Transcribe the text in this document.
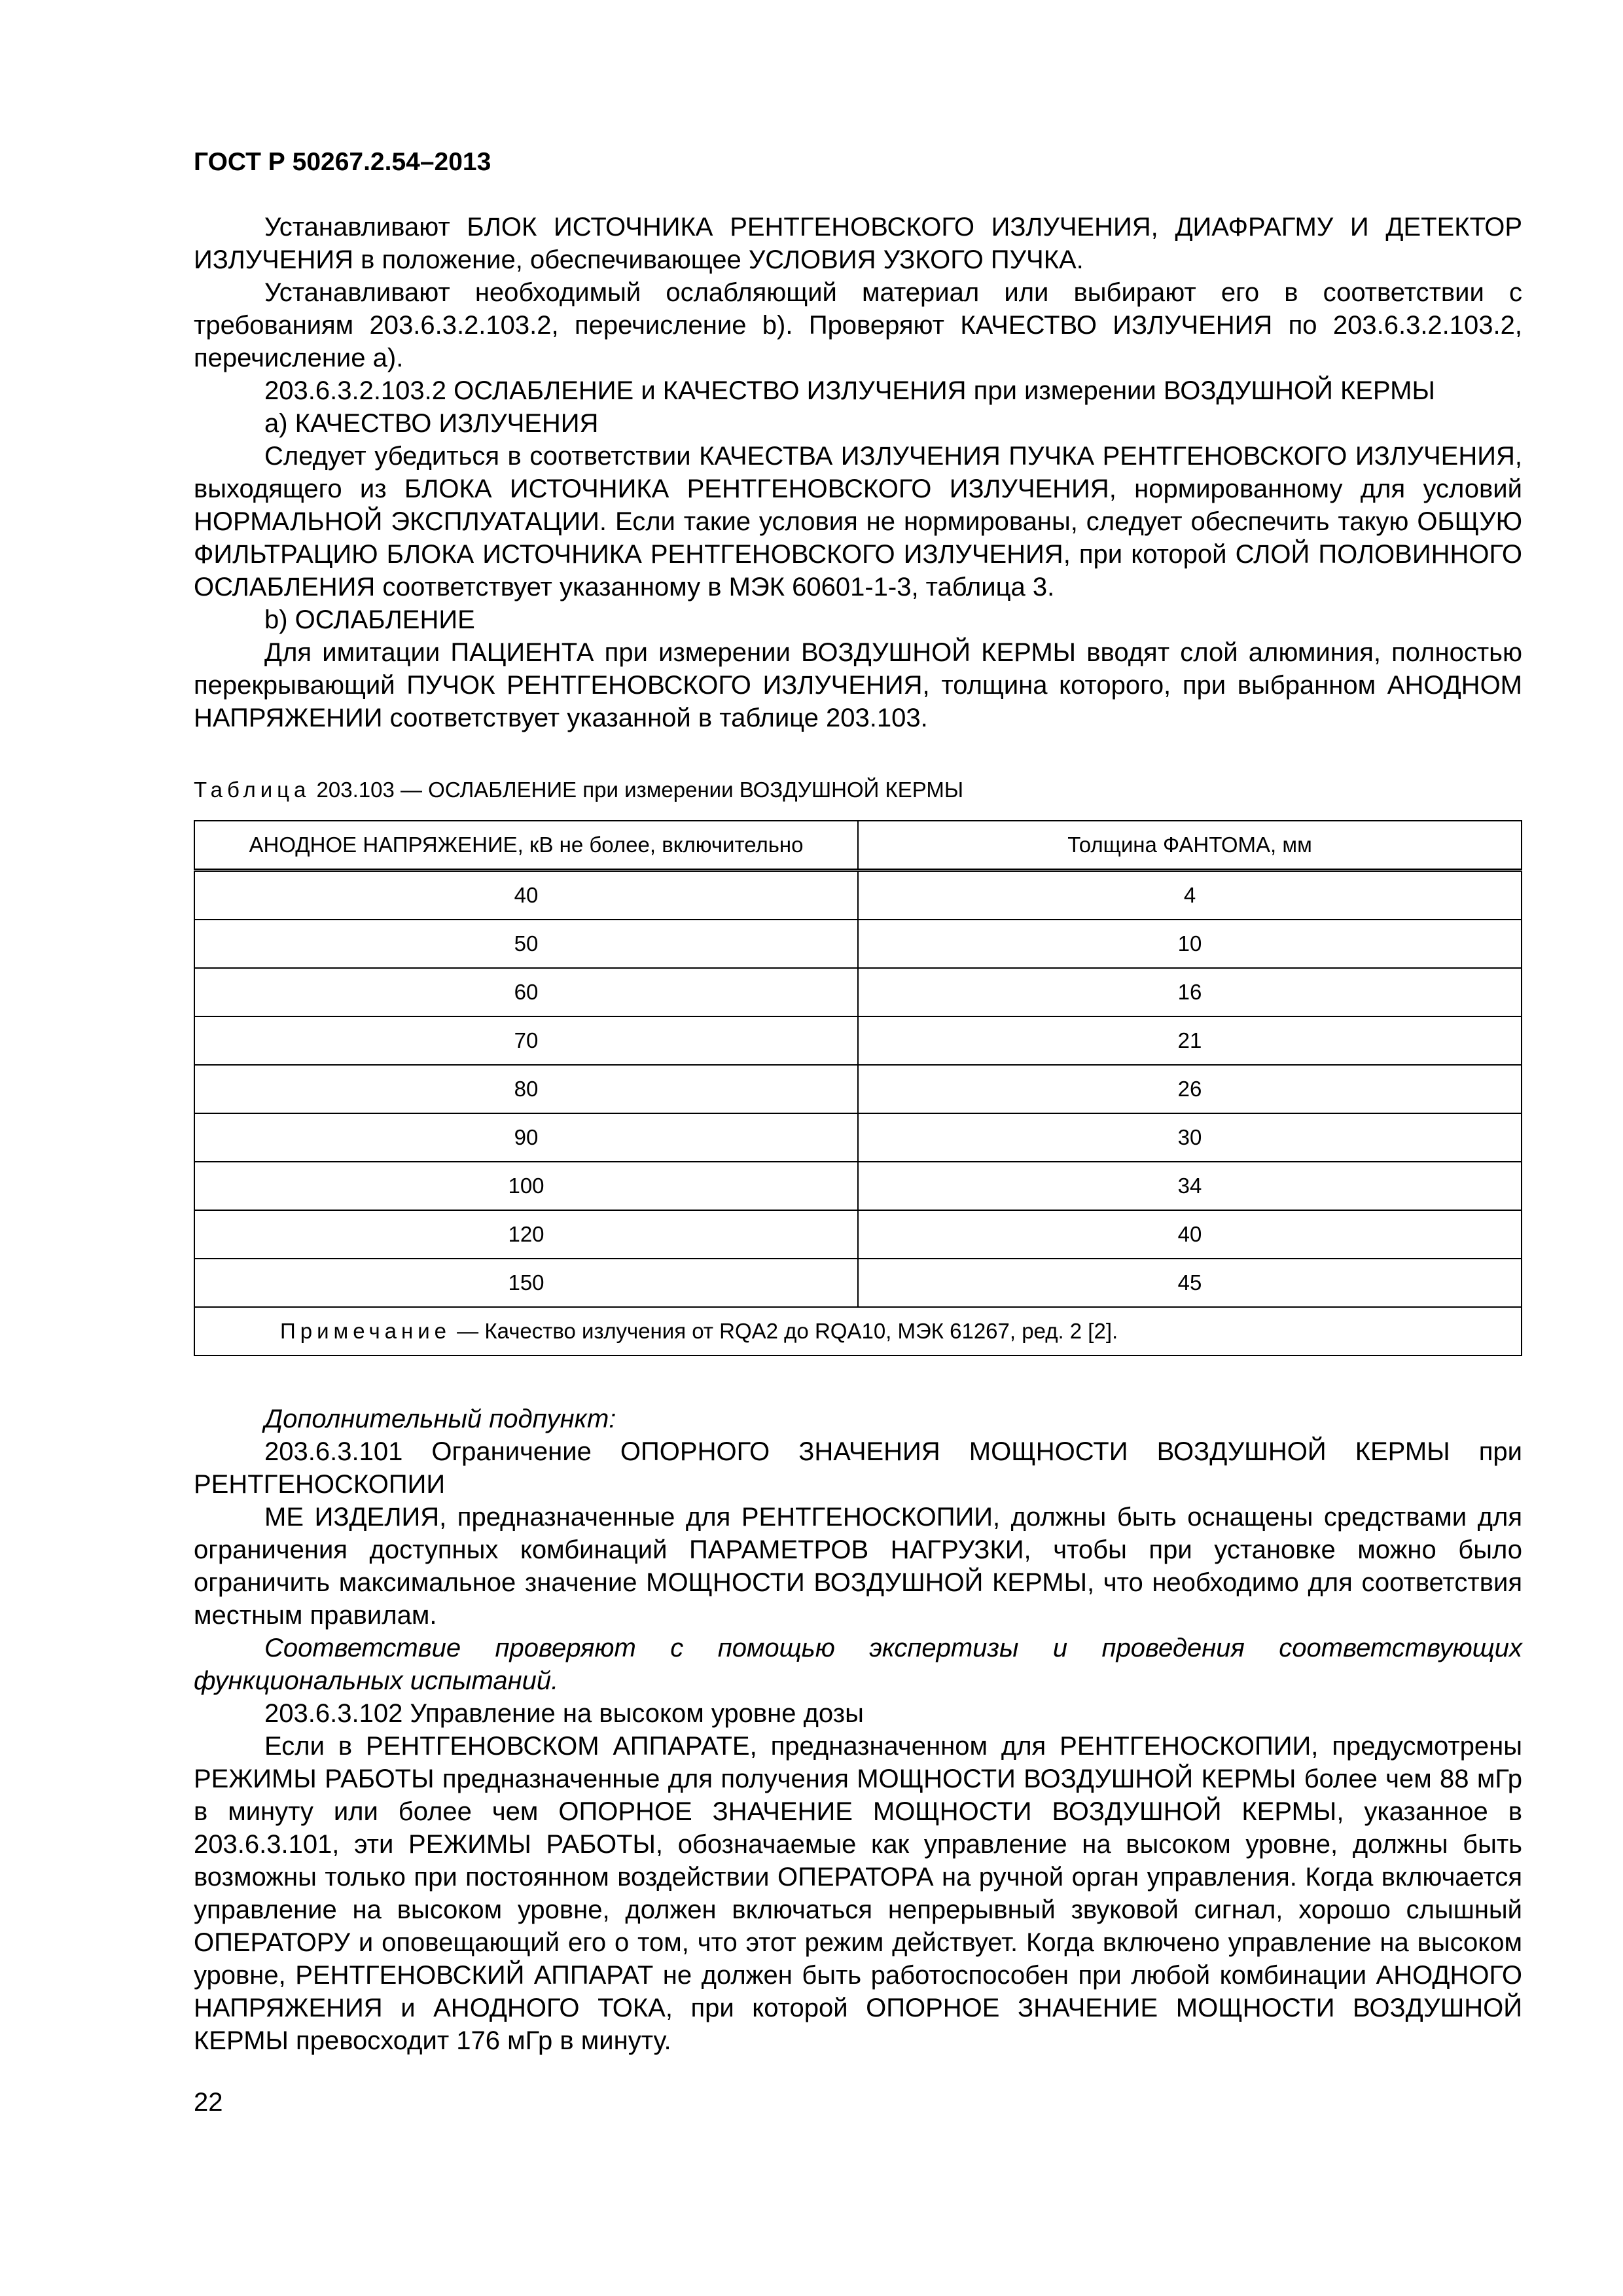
ГОСТ Р 50267.2.54–2013

Устанавливают БЛОК ИСТОЧНИКА РЕНТГЕНОВСКОГО ИЗЛУЧЕНИЯ, ДИАФРАГМУ И ДЕТЕКТОР ИЗЛУЧЕНИЯ в положение, обеспечивающее УСЛОВИЯ УЗКОГО ПУЧКА.

Устанавливают необходимый ослабляющий материал или выбирают его в соответствии с требованиям 203.6.3.2.103.2, перечисление b). Проверяют КАЧЕСТВО ИЗЛУЧЕНИЯ по 203.6.3.2.103.2, перечисление а).

203.6.3.2.103.2 ОСЛАБЛЕНИЕ и КАЧЕСТВО ИЗЛУЧЕНИЯ при измерении ВОЗДУШНОЙ КЕРМЫ

а) КАЧЕСТВО ИЗЛУЧЕНИЯ

Следует убедиться в соответствии КАЧЕСТВА ИЗЛУЧЕНИЯ ПУЧКА РЕНТГЕНОВСКОГО ИЗЛУЧЕНИЯ, выходящего из БЛОКА ИСТОЧНИКА РЕНТГЕНОВСКОГО ИЗЛУЧЕНИЯ, нормированному для условий НОРМАЛЬНОЙ ЭКСПЛУАТАЦИИ. Если такие условия не нормированы, следует обеспечить такую ОБЩУЮ ФИЛЬТРАЦИЮ БЛОКА ИСТОЧНИКА РЕНТГЕНОВСКОГО ИЗЛУЧЕНИЯ, при которой СЛОЙ ПОЛОВИННОГО ОСЛАБЛЕНИЯ соответствует указанному в МЭК 60601-1-3, таблица 3.

b) ОСЛАБЛЕНИЕ

Для имитации ПАЦИЕНТА при измерении ВОЗДУШНОЙ КЕРМЫ вводят слой алюминия, полностью перекрывающий ПУЧОК РЕНТГЕНОВСКОГО ИЗЛУЧЕНИЯ, толщина которого, при выбранном АНОДНОМ НАПРЯЖЕНИИ соответствует указанной в таблице 203.103.

Таблица 203.103 — ОСЛАБЛЕНИЕ при измерении ВОЗДУШНОЙ КЕРМЫ
АНОДНОЕ НАПРЯЖЕНИЕ, кВ не более, включительно	Толщина ФАНТОМА, мм
40	4
50	10
60	16
70	21
80	26
90	30
100	34
120	40
150	45
Примечание — Качество излучения от RQA2 до RQA10, МЭК 61267, ред. 2 [2].	

Дополнительный подпункт:

203.6.3.101 Ограничение ОПОРНОГО ЗНАЧЕНИЯ МОЩНОСТИ ВОЗДУШНОЙ КЕРМЫ при РЕНТГЕНОСКОПИИ

МЕ ИЗДЕЛИЯ, предназначенные для РЕНТГЕНОСКОПИИ, должны быть оснащены средствами для ограничения доступных комбинаций ПАРАМЕТРОВ НАГРУЗКИ, чтобы при установке можно было ограничить максимальное значение МОЩНОСТИ ВОЗДУШНОЙ КЕРМЫ, что необходимо для соответствия местным правилам.

Соответствие проверяют с помощью экспертизы и проведения соответствующих функциональных испытаний.

203.6.3.102 Управление на высоком уровне дозы

Если в РЕНТГЕНОВСКОМ АППАРАТЕ, предназначенном для РЕНТГЕНОСКОПИИ, предусмотрены РЕЖИМЫ РАБОТЫ предназначенные для получения МОЩНОСТИ ВОЗДУШНОЙ КЕРМЫ более чем 88 мГр в минуту или более чем ОПОРНОЕ ЗНАЧЕНИЕ МОЩНОСТИ ВОЗДУШНОЙ КЕРМЫ, указанное в 203.6.3.101, эти РЕЖИМЫ РАБОТЫ, обозначаемые как управление на высоком уровне, должны быть возможны только при постоянном воздействии ОПЕРАТОРА на ручной орган управления. Когда включается управление на высоком уровне, должен включаться непрерывный звуковой сигнал, хорошо слышный ОПЕРАТОРУ и оповещающий его о том, что этот режим действует. Когда включено управление на высоком уровне, РЕНТГЕНОВСКИЙ АППАРАТ не должен быть работоспособен при любой комбинации АНОДНОГО НАПРЯЖЕНИЯ и АНОДНОГО ТОКА, при которой ОПОРНОЕ ЗНАЧЕНИЕ МОЩНОСТИ ВОЗДУШНОЙ КЕРМЫ превосходит 176 мГр в минуту.

22
